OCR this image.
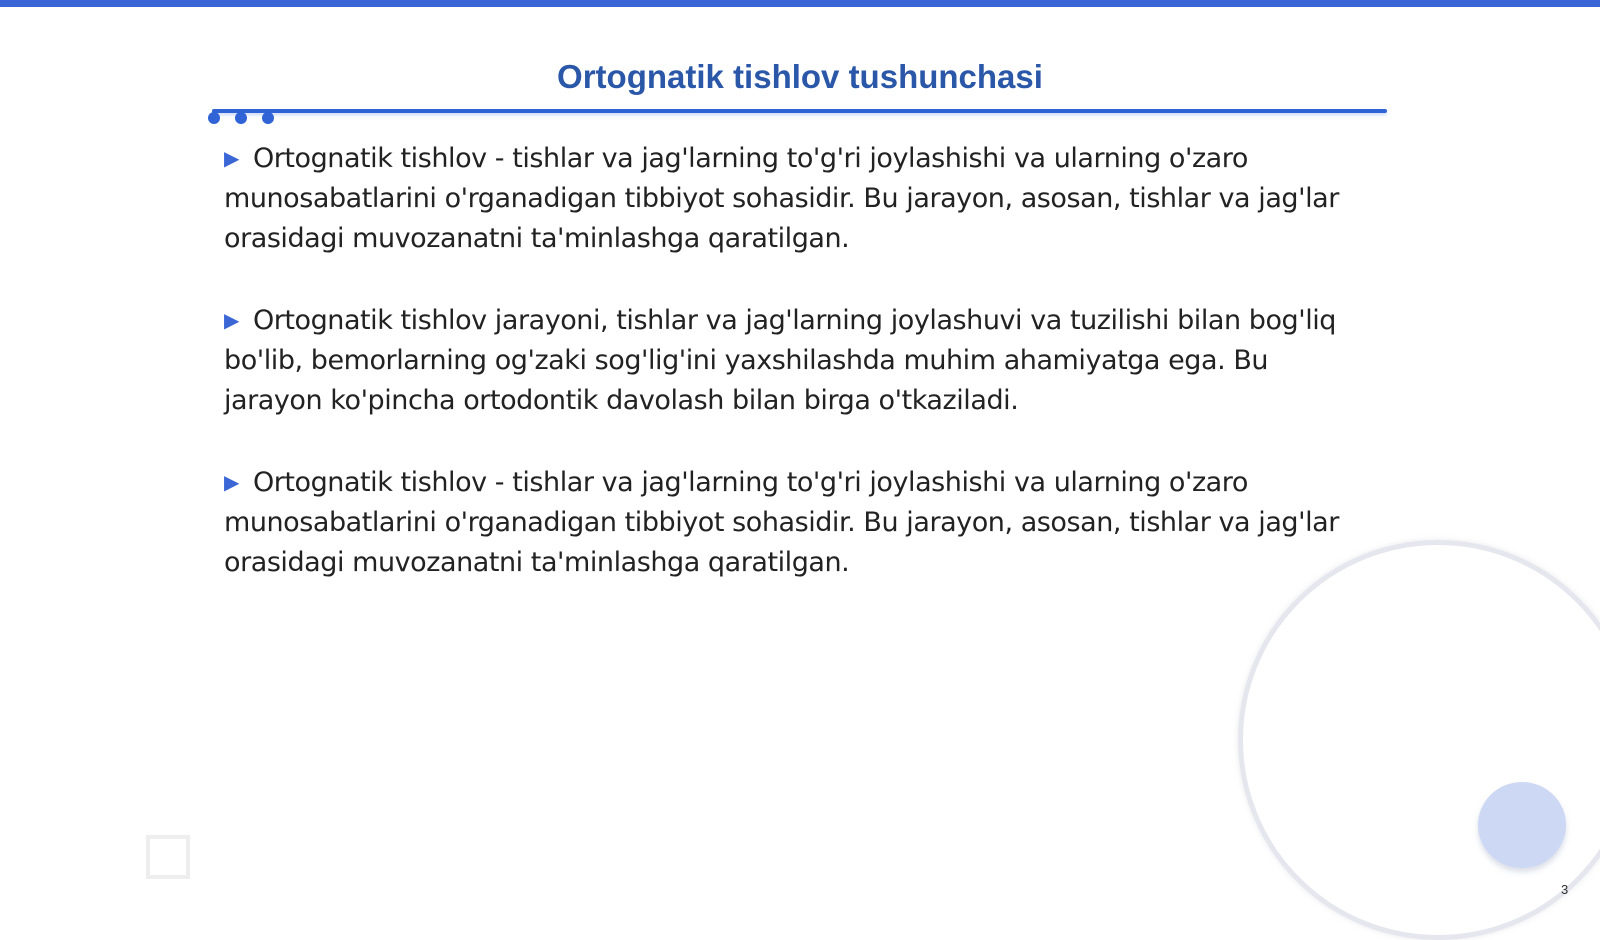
Ortognatik tishlov tushunchasi

▶ Ortognatik tishlov - tishlar va jag'larning to'g'ri joylashishi va ularning o'zaro munosabatlarini o'rganadigan tibbiyot sohasidir. Bu jarayon, asosan, tishlar va jag'lar orasidagi muvozanatni ta'minlashga qaratilgan.

▶ Ortognatik tishlov jarayoni, tishlar va jag'larning joylashuvi va tuzilishi bilan bog'liq bo'lib, bemorlarning og'zaki sog'lig'ini yaxshilashda muhim ahamiyatga ega. Bu jarayon ko'pincha ortodontik davolash bilan birga o'tkaziladi.

▶ Ortognatik tishlov - tishlar va jag'larning to'g'ri joylashishi va ularning o'zaro munosabatlarini o'rganadigan tibbiyot sohasidir. Bu jarayon, asosan, tishlar va jag'lar orasidagi muvozanatni ta'minlashga qaratilgan.

3
